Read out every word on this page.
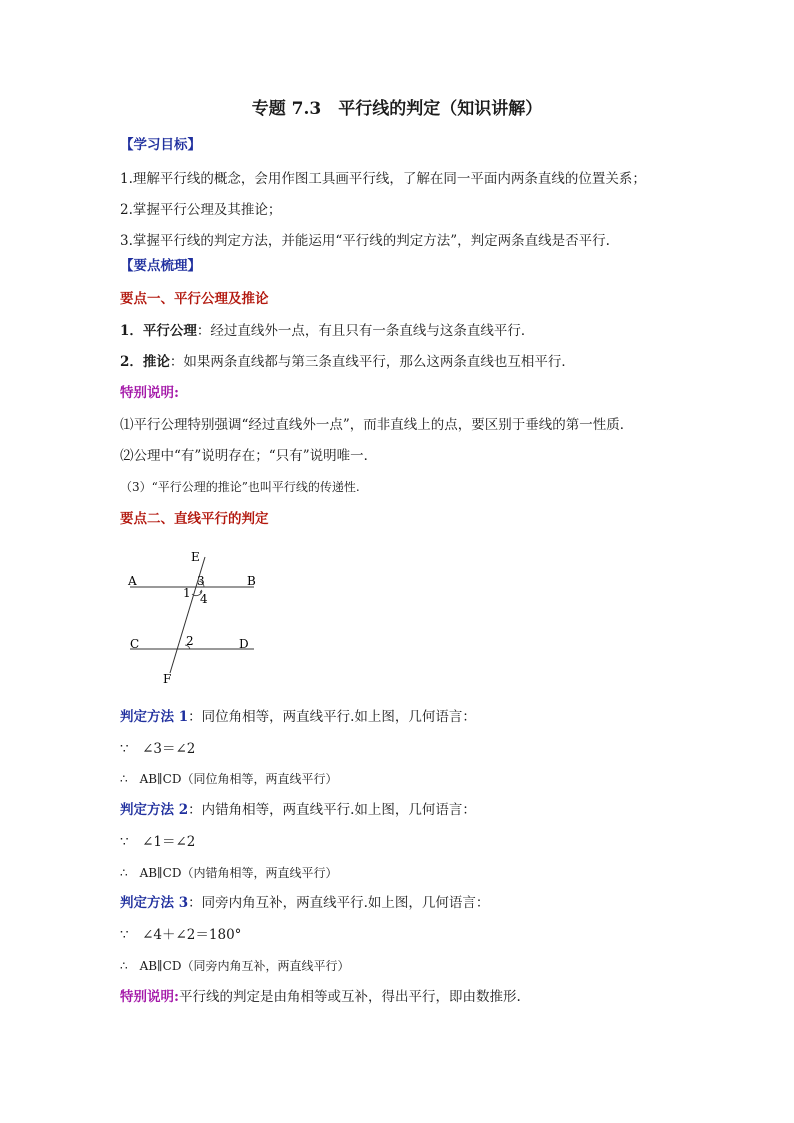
专题 7.3　平行线的判定（知识讲解）
【学习目标】
1.理解平行线的概念，会用作图工具画平行线，了解在同一平面内两条直线的位置关系；
2.掌握平行公理及其推论；
3.掌握平行线的判定方法，并能运用“平行线的判定方法”，判定两条直线是否平行.
【要点梳理】
要点一、平行公理及推论
1．平行公理：经过直线外一点，有且只有一条直线与这条直线平行．
2．推论：如果两条直线都与第三条直线平行，那么这两条直线也互相平行．
特别说明:
⑴平行公理特别强调“经过直线外一点”，而非直线上的点，要区别于垂线的第一性质．
⑵公理中“有”说明存在；“只有”说明唯一．
（3）“平行公理的推论”也叫平行线的传递性.
要点二、直线平行的判定
E
A	B
3
1 4
C	2	D
F
判定方法 1：同位角相等，两直线平行.如上图，几何语言：
∵　∠3＝∠2
∴　AB∥CD（同位角相等，两直线平行）
判定方法 2：内错角相等，两直线平行.如上图，几何语言：
∵　∠1＝∠2
∴　AB∥CD（内错角相等，两直线平行）
判定方法 3：同旁内角互补，两直线平行.如上图，几何语言：
∵　∠4＋∠2＝180°
∴　AB∥CD（同旁内角互补，两直线平行）
特别说明:平行线的判定是由角相等或互补，得出平行，即由数推形.
